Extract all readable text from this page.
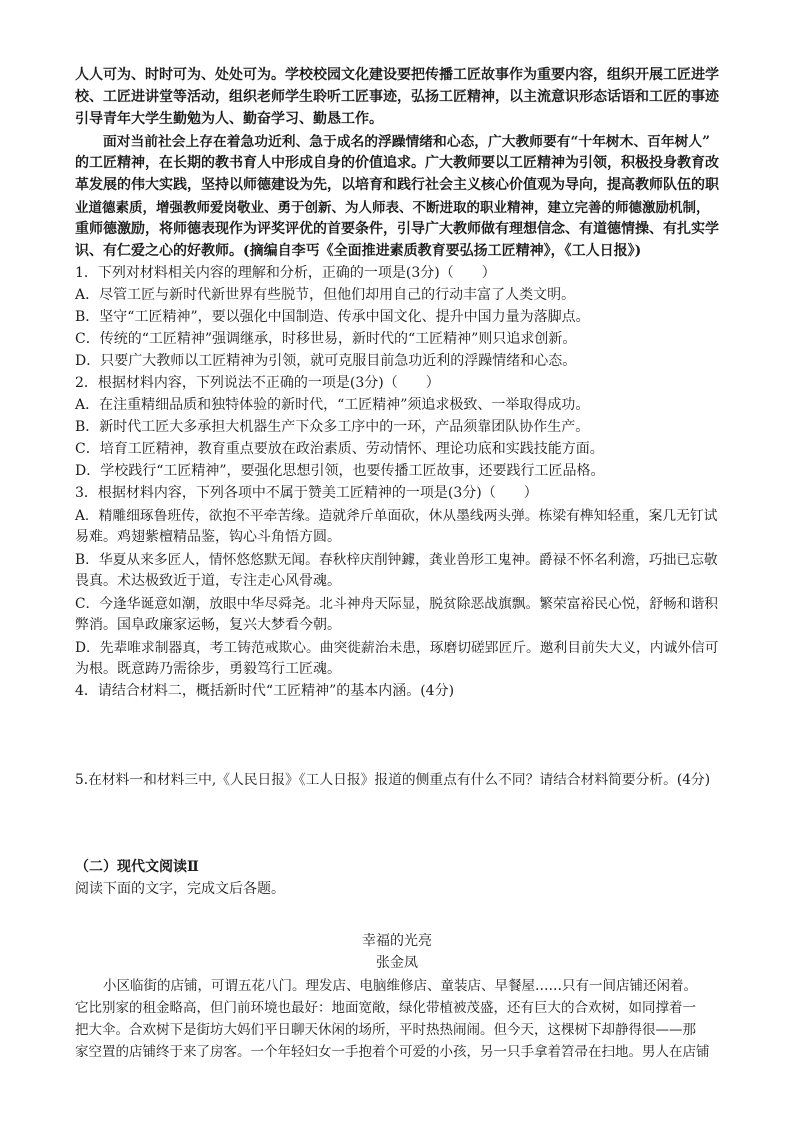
人人可为、时时可为、处处可为。学校校园文化建设要把传播工匠故事作为重要内容，组织开展工匠进学
校、工匠进讲堂等活动，组织老师学生聆听工匠事迹，弘扬工匠精神，以主流意识形态话语和工匠的事迹
引导青年大学生勤勉为人、勤奋学习、勤恳工作。
面对当前社会上存在着急功近利、急于成名的浮躁情绪和心态，广大教师要有“十年树木、百年树人”
的工匠精神，在长期的教书育人中形成自身的价值追求。广大教师要以工匠精神为引领，积极投身教育改
革发展的伟大实践，坚持以师德建设为先，以培育和践行社会主义核心价值观为导向，提高教师队伍的职
业道德素质，增强教师爱岗敬业、勇于创新、为人师表、不断进取的职业精神，建立完善的师德激励机制，
重师德激励，将师德表现作为评奖评优的首要条件，引导广大教师做有理想信念、有道德情操、有扎实学
识、有仁爱之心的好教师。(摘编自李丐《全面推进素质教育要弘扬工匠精神》，《工人日报》)
1．下列对材料相关内容的理解和分析，正确的一项是(3分)（　　）
A．尽管工匠与新时代新世界有些脱节，但他们却用自己的行动丰富了人类文明。
B．坚守“工匠精神”，要以强化中国制造、传承中国文化、提升中国力量为落脚点。
C．传统的“工匠精神”强调继承，时移世易，新时代的“工匠精神”则只追求创新。
D．只要广大教师以工匠精神为引领，就可克服目前急功近利的浮躁情绪和心态。
2．根据材料内容，下列说法不正确的一项是(3分)（　　）
A．在注重精细品质和独特体验的新时代，“工匠精神”须追求极致、一举取得成功。
B．新时代工匠大多承担大机器生产下众多工序中的一环，产品须靠团队协作生产。
C．培育工匠精神，教育重点要放在政治素质、劳动情怀、理论功底和实践技能方面。
D．学校践行“工匠精神”，要强化思想引领，也要传播工匠故事，还要践行工匠品格。
3．根据材料内容，下列各项中不属于赞美工匠精神的一项是(3分)（　　）
A．精雕细琢鲁班传，欲抱不平牵苦缘。造就斧斤单面砍，休从墨线两头弹。栋梁有榫知轻重，案几无钉试
易难。鸡翅紫檀精品鉴，钩心斗角悟方圆。
B．华夏从来多匠人，情怀悠悠默无闻。春秋梓庆削钟鐻，龚业兽形工鬼神。爵禄不怀名利澹，巧拙已忘敬
畏真。术达极致近于道，专注走心风骨魂。
C．今逢华诞意如潮，放眼中华尽舜尧。北斗神舟天际显，脱贫除恶战旗飘。繁荣富裕民心悦，舒畅和谐积
弊消。国阜政廉家运畅，复兴大梦看今朝。
D．先辈唯求制器真，考工铸范戒欺心。曲突徙薪治未患，琢磨切磋郢匠斤。邀利目前失大义，内诚外信可
为根。既意踌乃需徐步，勇毅笃行工匠魂。
4．请结合材料二，概括新时代“工匠精神”的基本内涵。(4分)
5.在材料一和材料三中,《人民日报》《工人日报》报道的侧重点有什么不同？请结合材料简要分析。(4分)
（二）现代文阅读Ⅱ
阅读下面的文字，完成文后各题。
幸福的光亮
张金凤
小区临街的店铺，可谓五花八门。理发店、电脑维修店、童装店、早餐屋……只有一间店铺还闲着。
它比别家的租金略高，但门前环境也最好：地面宽敞，绿化带植被茂盛，还有巨大的合欢树，如同撑着一
把大伞。合欢树下是街坊大妈们平日聊天休闲的场所，平时热热闹闹。但今天，这棵树下却静得很——那
家空置的店铺终于来了房客。一个年轻妇女一手抱着个可爱的小孩，另一只手拿着笤帚在扫地。男人在店铺
